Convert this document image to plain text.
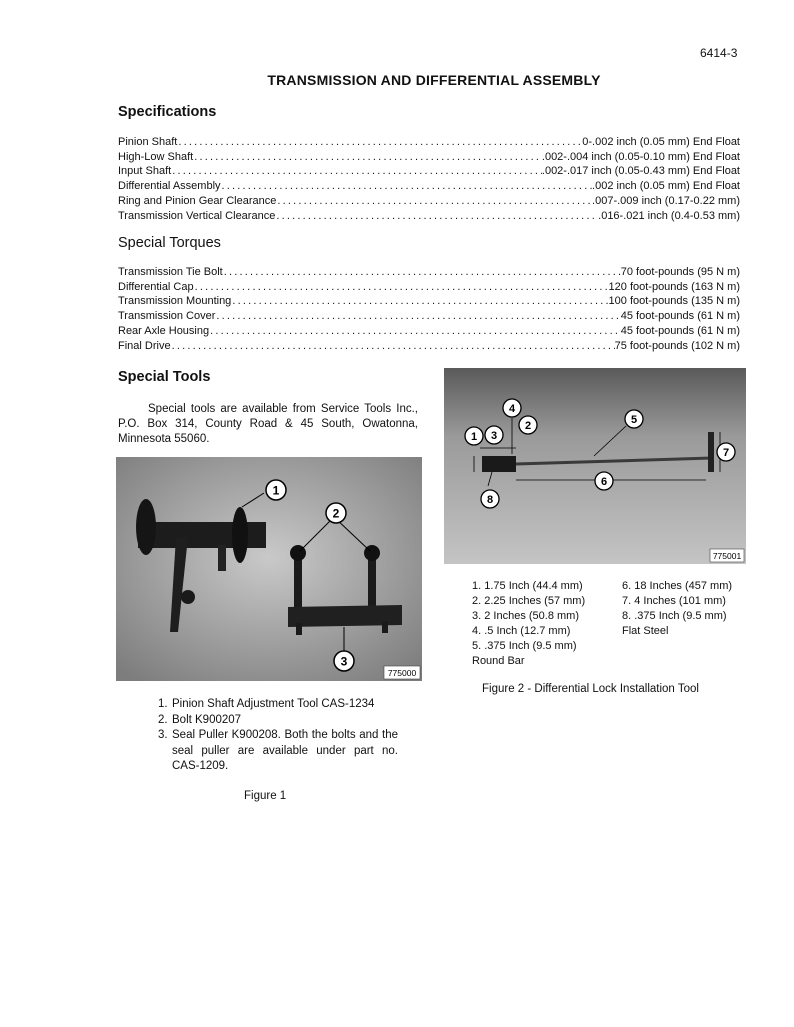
6414-3
TRANSMISSION AND DIFFERENTIAL ASSEMBLY
Specifications
Pinion Shaft .....	0-.002 inch (0.05 mm) End Float
High-Low Shaft .....	.002-.004 inch (0.05-0.10 mm) End Float
Input Shaft .....	.002-.017 inch (0.05-0.43 mm) End Float
Differential Assembly .....	.002 inch (0.05 mm) End Float
Ring and Pinion Gear Clearance .....	.007-.009 inch (0.17-0.22 mm)
Transmission Vertical Clearance .....	.016-.021 inch (0.4-0.53 mm)
Special Torques
Transmission Tie Bolt .....	70 foot-pounds (95 N m)
Differential Cap .....	120 foot-pounds (163 N m)
Transmission Mounting .....	100 foot-pounds (135 N m)
Transmission Cover .....	45 foot-pounds (61 N m)
Rear Axle Housing .....	45 foot-pounds (61 N m)
Final Drive .....	75 foot-pounds (102 N m)
Special Tools
Special tools are available from Service Tools Inc., P.O. Box 314, County Road & 45 South, Owatonna, Minnesota 55060.
1
2
3
775000
1. Pinion Shaft Adjustment Tool CAS-1234
2. Bolt K900207
3. Seal Puller K900208. Both the bolts and the seal puller are available under part no. CAS-1209.
Figure 1
1
2
3
4
5
6
7
8
775001
1. 1.75 Inch (44.4 mm)
2. 2.25 Inches (57 mm)
3. 2 Inches (50.8 mm)
4. .5 Inch (12.7 mm)
5. .375 Inch (9.5 mm)
Round Bar
6. 18 Inches (457 mm)
7. 4 Inches (101 mm)
8. .375 Inch (9.5 mm)
Flat Steel
Figure 2 - Differential Lock Installation Tool
